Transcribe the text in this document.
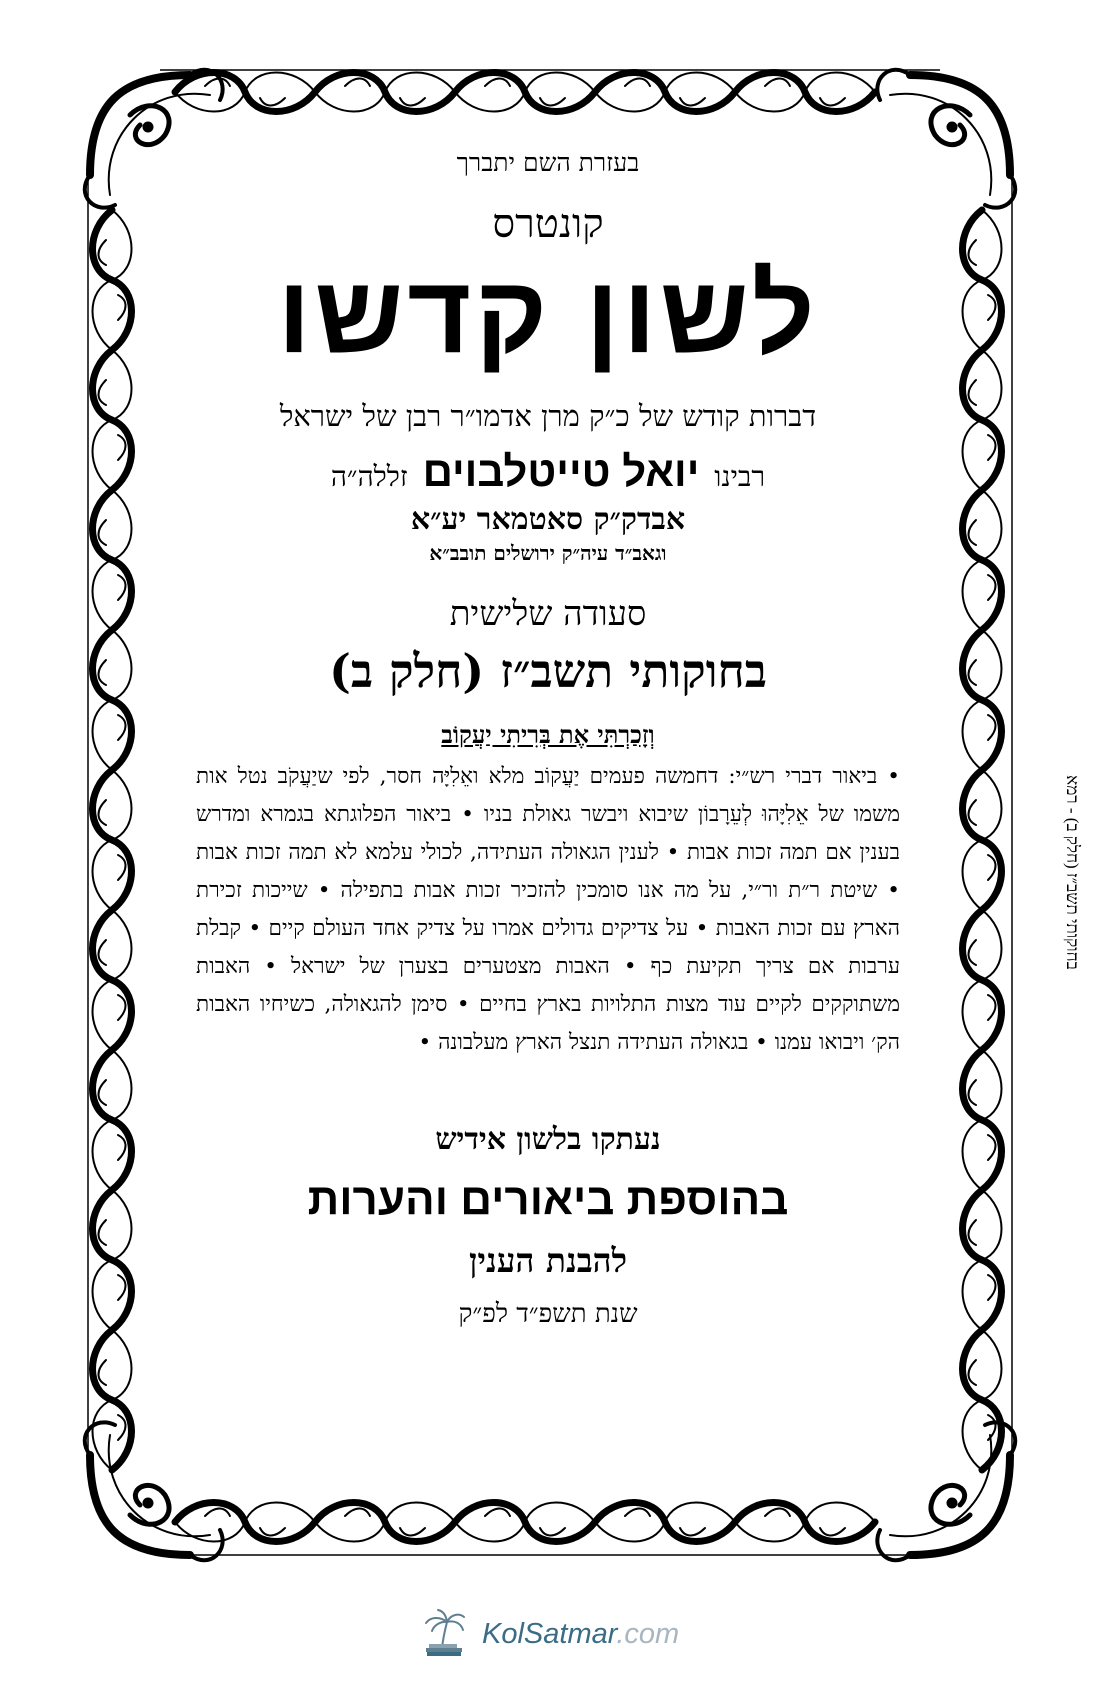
בעזרת השם יתברך
קונטרס
לשון קדשו
דברות קודש של כ״ק מרן אדמו״ר רבן של ישראל
רבינו יואל טייטלבוים זללה״ה
אבדק״ק סאטמאר יע״א
וגאב״ד עיה״ק ירושלים תובב״א
סעודה שלישית
בחוקותי תשב״ז (חלק ב)
וְזָכַרְתִּי אֶת בְּרִיתִי יַעֲקוֹב
• ביאור דברי רש״י: דחמשה פעמים יַעֲקוֹב מלא ואֵלִיָּה חסר, לפי שיַעֲקֹב נטל אות משמו של אֵלִיָּהוּ לְעֵרָבוֹן שיבוא ויבשר גאולת בניו • ביאור הפלוגתא בגמרא ומדרש בענין אם תמה זכות אבות • לענין הגאולה העתידה, לכולי עלמא לא תמה זכות אבות • שיטת ר״ת ור״י, על מה אנו סומכין להזכיר זכות אבות בתפילה • שייכות זכירת הארץ עם זכות האבות • על צדיקים גדולים אמרו על צדיק אחד העולם קיים • קבלת ערבות אם צריך תקיעת כף • האבות מצטערים בצערן של ישראל • האבות משתוקקים לקיים עוד מצות התלויות בארץ בחיים • סימן להגאולה, כשיחיו האבות הק׳ ויבואו עמנו • בגאולה העתידה תנצל הארץ מעלבונה •
נעתקו בלשון אידיש
בהוספת ביאורים והערות
להבנת הענין
שנת תשפ״ד לפ״ק
בחוקותי תשב״ז (חלק ב) - רמא
KolSatmar.com
